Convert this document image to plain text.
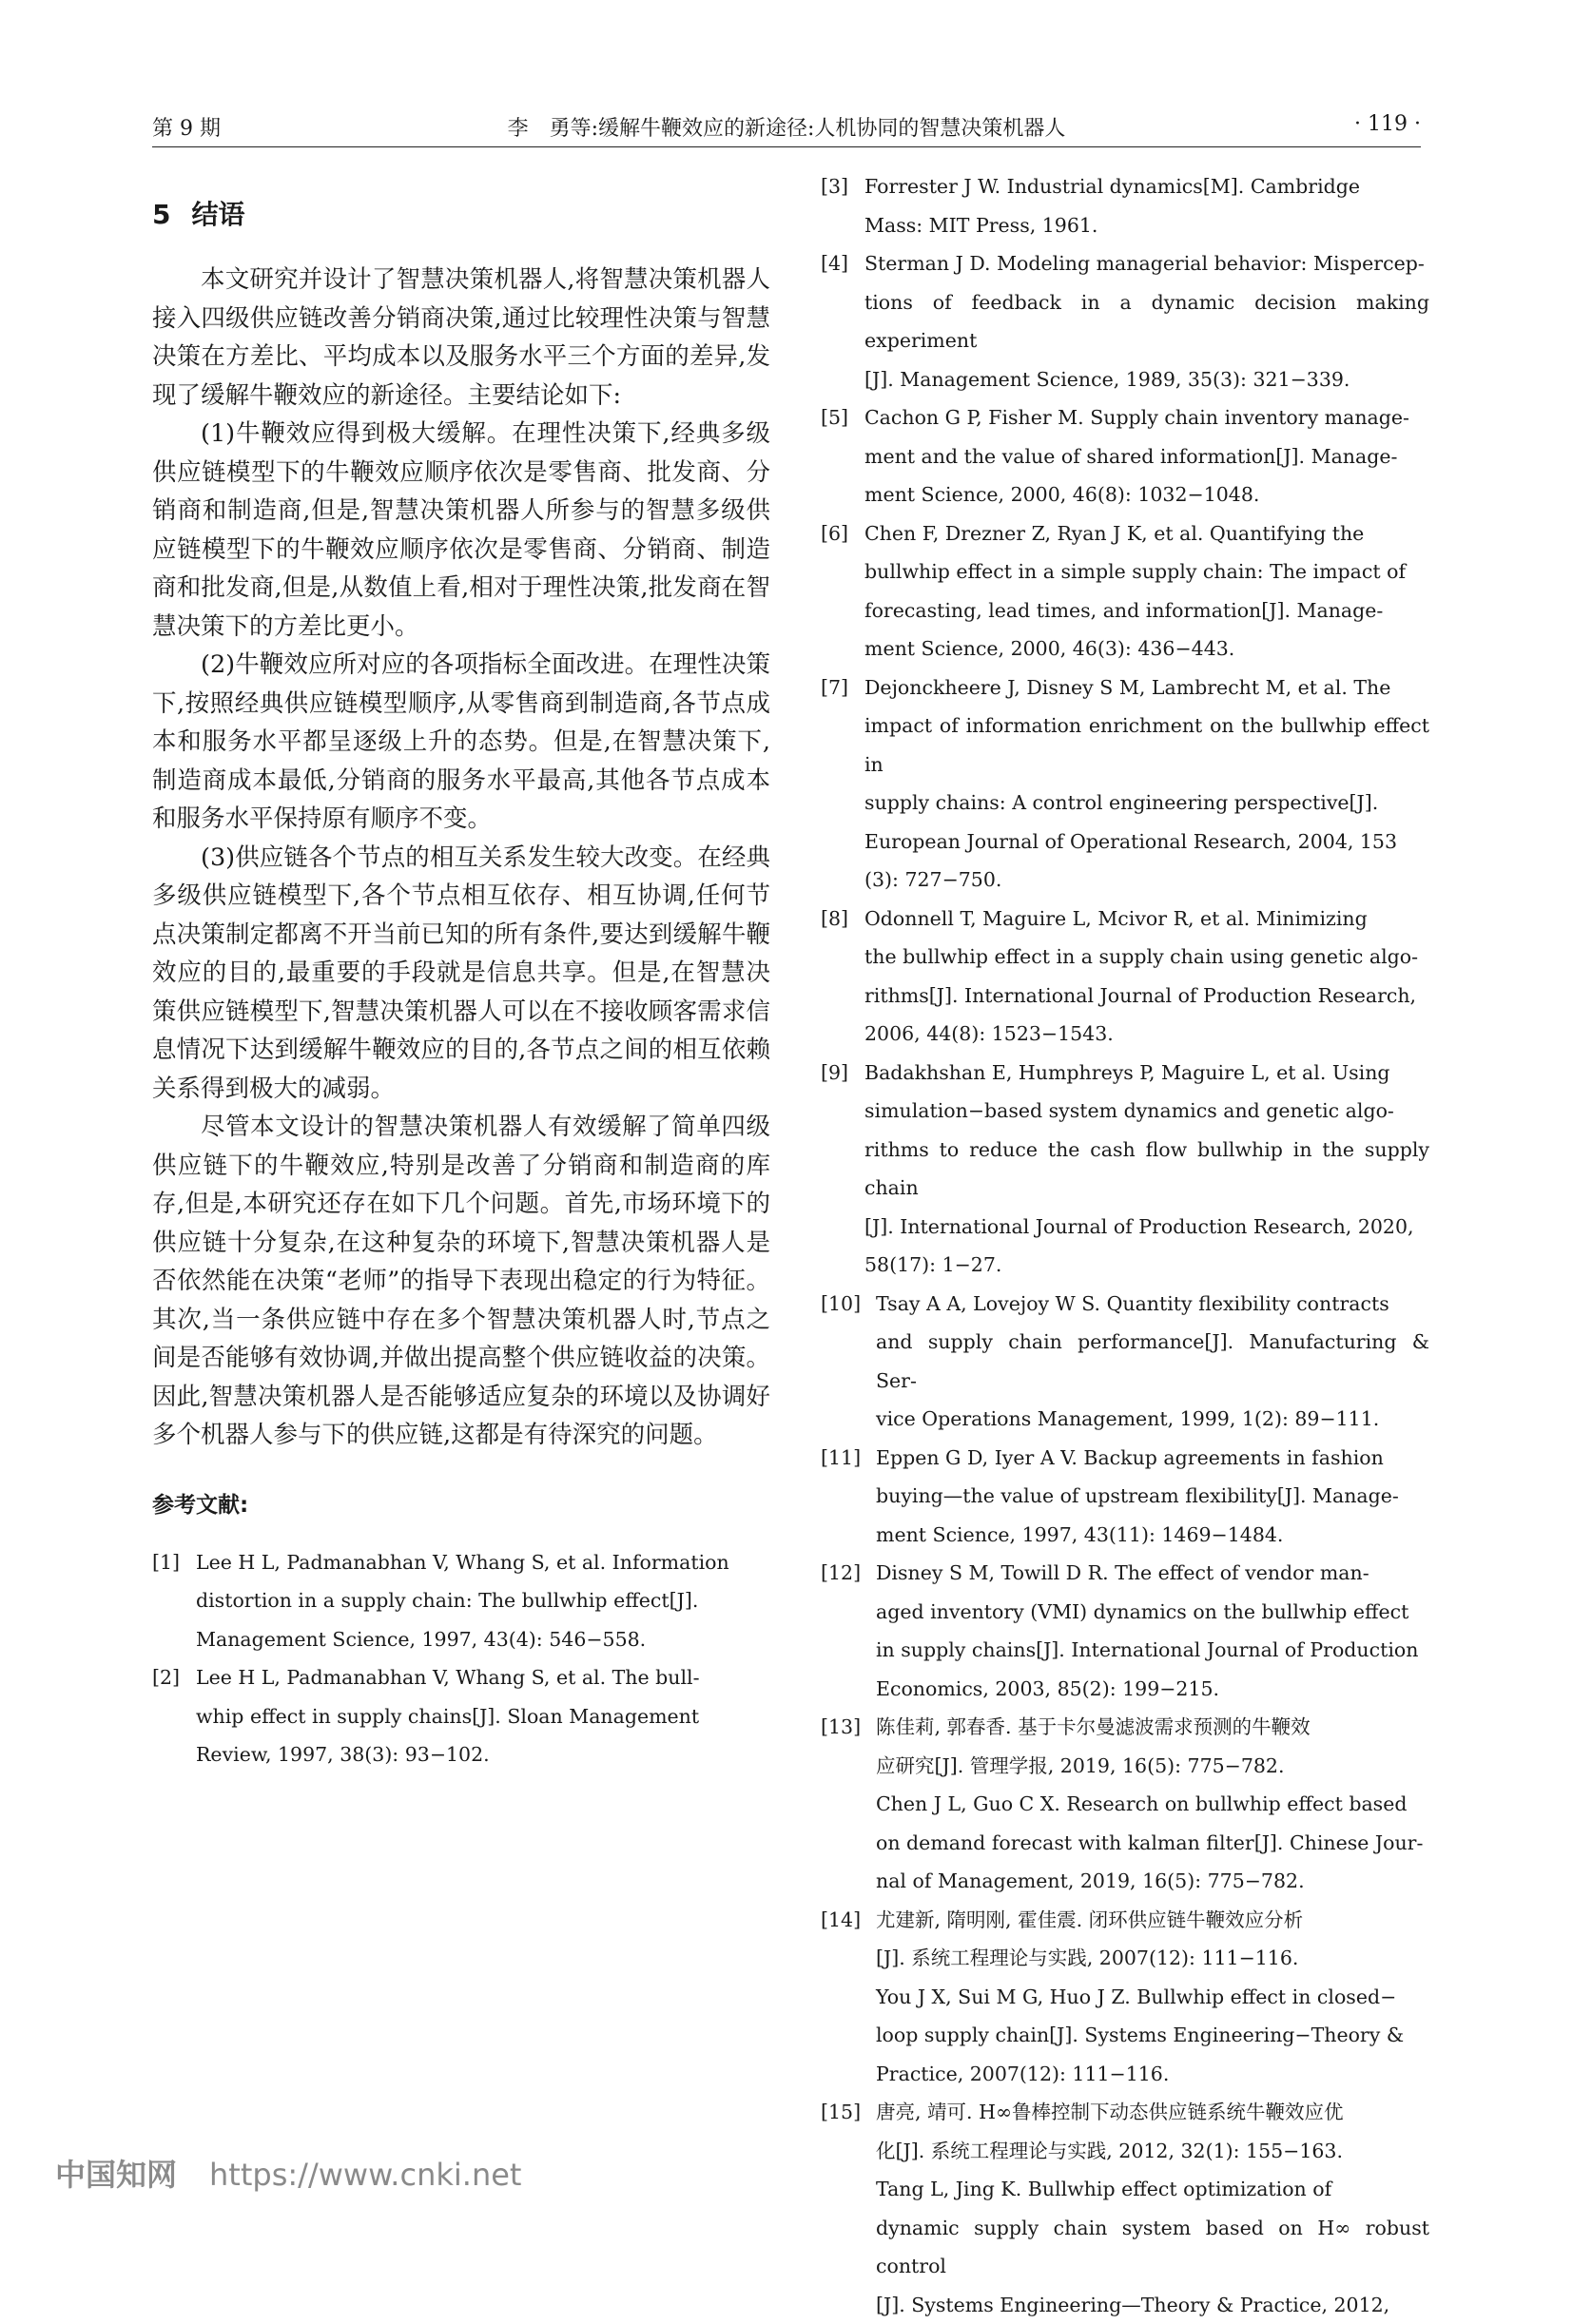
第 9 期	李　勇等:缓解牛鞭效应的新途径:人机协同的智慧决策机器人	· 119 ·
5 结语

本文研究并设计了智慧决策机器人,将智慧决策机器人接入四级供应链改善分销商决策,通过比较理性决策与智慧决策在方差比、平均成本以及服务水平三个方面的差异,发现了缓解牛鞭效应的新途径。主要结论如下:

(1)牛鞭效应得到极大缓解。在理性决策下,经典多级供应链模型下的牛鞭效应顺序依次是零售商、批发商、分销商和制造商,但是,智慧决策机器人所参与的智慧多级供应链模型下的牛鞭效应顺序依次是零售商、分销商、制造商和批发商,但是,从数值上看,相对于理性决策,批发商在智慧决策下的方差比更小。

(2)牛鞭效应所对应的各项指标全面改进。在理性决策下,按照经典供应链模型顺序,从零售商到制造商,各节点成本和服务水平都呈逐级上升的态势。但是,在智慧决策下,制造商成本最低,分销商的服务水平最高,其他各节点成本和服务水平保持原有顺序不变。

(3)供应链各个节点的相互关系发生较大改变。在经典多级供应链模型下,各个节点相互依存、相互协调,任何节点决策制定都离不开当前已知的所有条件,要达到缓解牛鞭效应的目的,最重要的手段就是信息共享。但是,在智慧决策供应链模型下,智慧决策机器人可以在不接收顾客需求信息情况下达到缓解牛鞭效应的目的,各节点之间的相互依赖关系得到极大的减弱。

尽管本文设计的智慧决策机器人有效缓解了简单四级供应链下的牛鞭效应,特别是改善了分销商和制造商的库存,但是,本研究还存在如下几个问题。首先,市场环境下的供应链十分复杂,在这种复杂的环境下,智慧决策机器人是否依然能在决策“老师”的指导下表现出稳定的行为特征。其次,当一条供应链中存在多个智慧决策机器人时,节点之间是否能够有效协调,并做出提高整个供应链收益的决策。因此,智慧决策机器人是否能够适应复杂的环境以及协调好多个机器人参与下的供应链,这都是有待深究的问题。

参考文献:
[1] Lee H L, Padmanabhan V, Whang S, et al. Information
distortion in a supply chain: The bullwhip effect[J].
Management Science, 1997, 43(4): 546−558.
[2] Lee H L, Padmanabhan V, Whang S, et al. The bull-
whip effect in supply chains[J]. Sloan Management
Review, 1997, 38(3): 93−102.
[3] Forrester J W. Industrial dynamics[M]. Cambridge
Mass: MIT Press, 1961.
[4] Sterman J D. Modeling managerial behavior: Mispercep-
tions of feedback in a dynamic decision making experiment
[J]. Management Science, 1989, 35(3): 321−339.
[5] Cachon G P, Fisher M. Supply chain inventory manage-
ment and the value of shared information[J]. Manage-
ment Science, 2000, 46(8): 1032−1048.
[6] Chen F, Drezner Z, Ryan J K, et al. Quantifying the
bullwhip effect in a simple supply chain: The impact of
forecasting, lead times, and information[J]. Manage-
ment Science, 2000, 46(3): 436−443.
[7] Dejonckheere J, Disney S M, Lambrecht M, et al. The
impact of information enrichment on the bullwhip effect in
supply chains: A control engineering perspective[J].
European Journal of Operational Research, 2004, 153
(3): 727−750.
[8] Odonnell T, Maguire L, Mcivor R, et al. Minimizing
the bullwhip effect in a supply chain using genetic algo-
rithms[J]. International Journal of Production Research,
2006, 44(8): 1523−1543.
[9] Badakhshan E, Humphreys P, Maguire L, et al. Using
simulation−based system dynamics and genetic algo-
rithms to reduce the cash flow bullwhip in the supply chain
[J]. International Journal of Production Research, 2020,
58(17): 1−27.
[10] Tsay A A, Lovejoy W S. Quantity flexibility contracts
and supply chain performance[J]. Manufacturing & Ser-
vice Operations Management, 1999, 1(2): 89−111.
[11] Eppen G D, Iyer A V. Backup agreements in fashion
buying—the value of upstream flexibility[J]. Manage-
ment Science, 1997, 43(11): 1469−1484.
[12] Disney S M, Towill D R. The effect of vendor man-
aged inventory (VMI) dynamics on the bullwhip effect
in supply chains[J]. International Journal of Production
Economics, 2003, 85(2): 199−215.
[13] 陈佳莉, 郭春香. 基于卡尔曼滤波需求预测的牛鞭效
应研究[J]. 管理学报, 2019, 16(5): 775−782.
Chen J L, Guo C X. Research on bullwhip effect based
on demand forecast with kalman filter[J]. Chinese Jour-
nal of Management, 2019, 16(5): 775−782.
[14] 尤建新, 隋明刚, 霍佳震. 闭环供应链牛鞭效应分析
[J]. 系统工程理论与实践, 2007(12): 111−116.
You J X, Sui M G, Huo J Z. Bullwhip effect in closed−
loop supply chain[J]. Systems Engineering−Theory &
Practice, 2007(12): 111−116.
[15] 唐亮, 靖可. H∞鲁棒控制下动态供应链系统牛鞭效应优
化[J]. 系统工程理论与实践, 2012, 32(1): 155−163.
Tang L, Jing K. Bullwhip effect optimization of
dynamic supply chain system based on H∞ robust control
[J]. Systems Engineering—Theory & Practice, 2012,
中国知网 https://www.cnki.net
